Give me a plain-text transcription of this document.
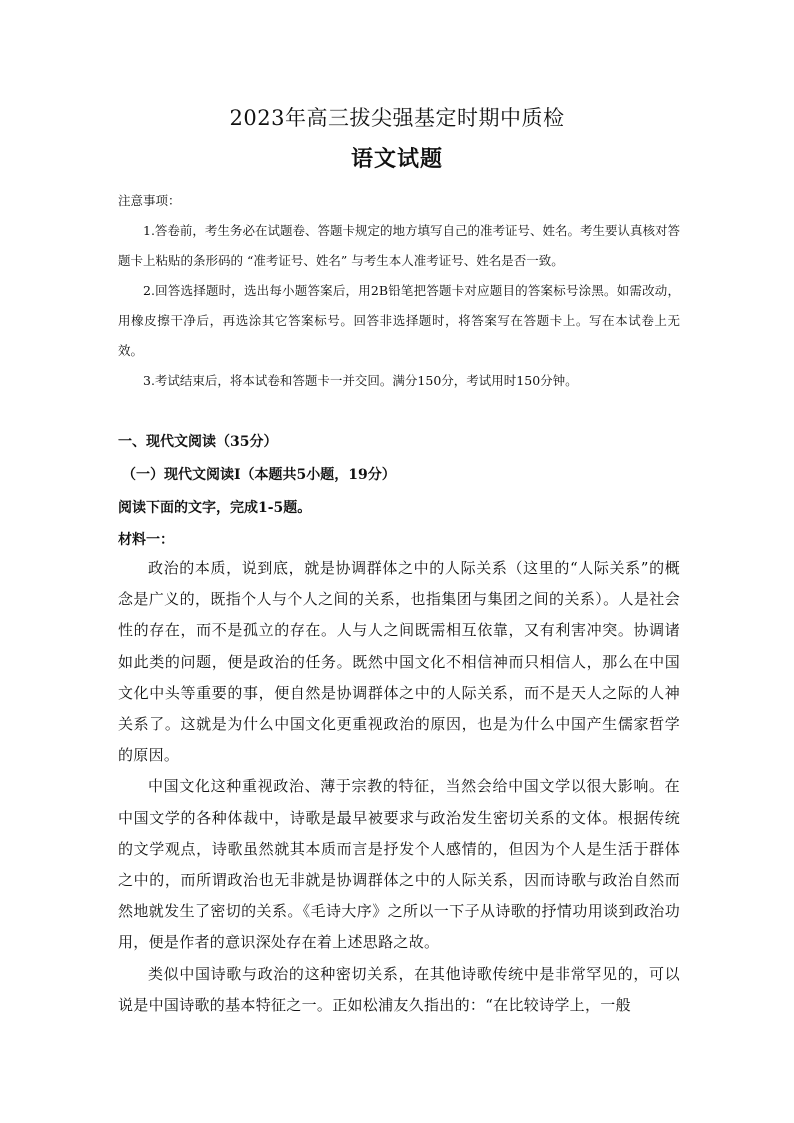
2023年高三拔尖强基定时期中质检
语文试题

注意事项：

1.答卷前，考生务必在试题卷、答题卡规定的地方填写自己的准考证号、姓名。考生要认真核对答题卡上粘贴的条形码的 “准考证号、姓名” 与考生本人准考证号、姓名是否一致。

2.回答选择题时，选出每小题答案后，用2B铅笔把答题卡对应题目的答案标号涂黑。如需改动，用橡皮擦干净后，再选涂其它答案标号。回答非选择题时，将答案写在答题卡上。写在本试卷上无效。

3.考试结束后，将本试卷和答题卡一并交回。满分150分，考试用时150分钟。

一、现代文阅读（35分）
（一）现代文阅读Ⅰ（本题共5小题，19分）
阅读下面的文字，完成1-5题。
材料一：

政治的本质，说到底，就是协调群体之中的人际关系（这里的“人际关系”的概念是广义的，既指个人与个人之间的关系，也指集团与集团之间的关系）。人是社会性的存在，而不是孤立的存在。人与人之间既需相互依靠，又有利害冲突。协调诸如此类的问题，便是政治的任务。既然中国文化不相信神而只相信人，那么在中国文化中头等重要的事，便自然是协调群体之中的人际关系，而不是天人之际的人神关系了。这就是为什么中国文化更重视政治的原因，也是为什么中国产生儒家哲学的原因。

中国文化这种重视政治、薄于宗教的特征，当然会给中国文学以很大影响。在中国文学的各种体裁中，诗歌是最早被要求与政治发生密切关系的文体。根据传统的文学观点，诗歌虽然就其本质而言是抒发个人感情的，但因为个人是生活于群体之中的，而所谓政治也无非就是协调群体之中的人际关系，因而诗歌与政治自然而然地就发生了密切的关系。《毛诗大序》之所以一下子从诗歌的抒情功用谈到政治功用，便是作者的意识深处存在着上述思路之故。

类似中国诗歌与政治的这种密切关系，在其他诗歌传统中是非常罕见的，可以说是中国诗歌的基本特征之一。正如松浦友久指出的：“在比较诗学上，一般
